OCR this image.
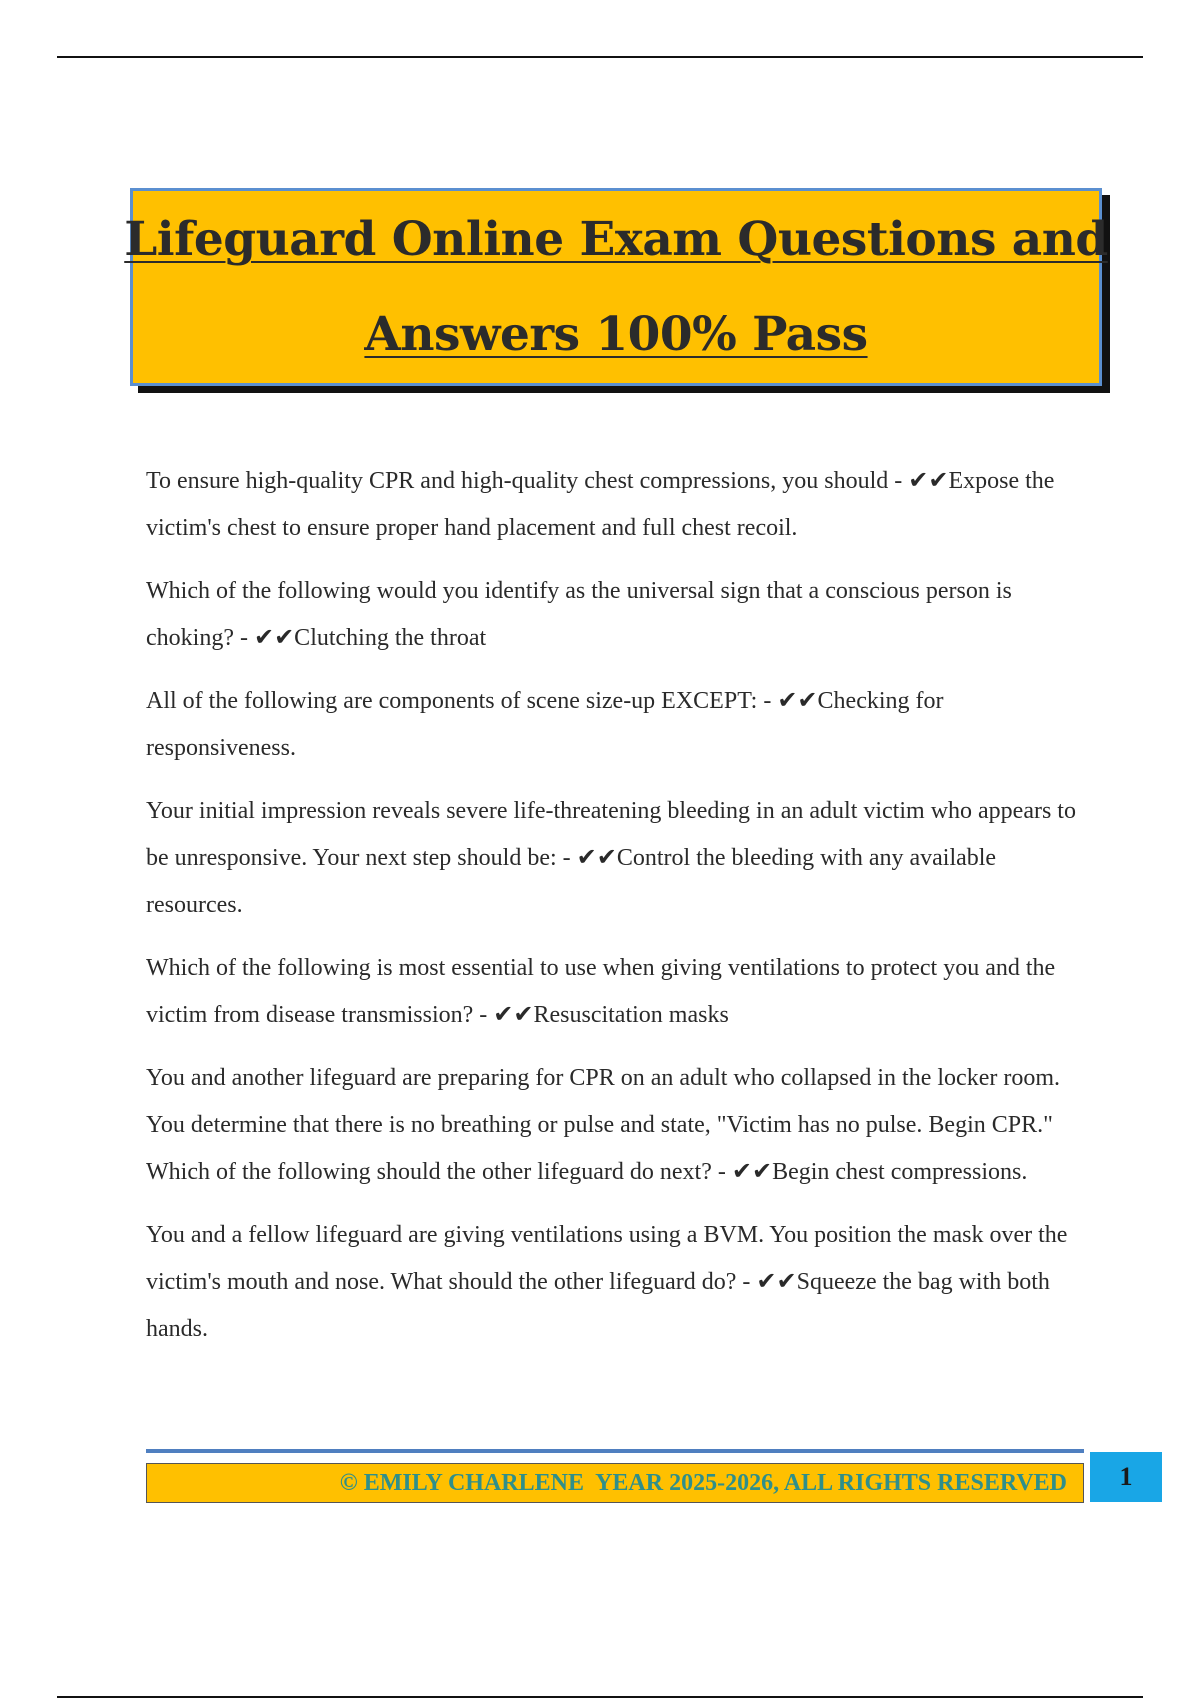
Lifeguard Online Exam Questions and
Answers 100% Pass

To ensure high-quality CPR and high-quality chest compressions, you should - ✔✔Expose the victim's chest to ensure proper hand placement and full chest recoil.

Which of the following would you identify as the universal sign that a conscious person is choking? - ✔✔Clutching the throat

All of the following are components of scene size-up EXCEPT: - ✔✔Checking for responsiveness.

Your initial impression reveals severe life-threatening bleeding in an adult victim who appears to be unresponsive. Your next step should be: - ✔✔Control the bleeding with any available resources.

Which of the following is most essential to use when giving ventilations to protect you and the victim from disease transmission? - ✔✔Resuscitation masks

You and another lifeguard are preparing for CPR on an adult who collapsed in the locker room. You determine that there is no breathing or pulse and state, "Victim has no pulse. Begin CPR." Which of the following should the other lifeguard do next? - ✔✔Begin chest compressions.

You and a fellow lifeguard are giving ventilations using a BVM. You position the mask over the victim's mouth and nose. What should the other lifeguard do? - ✔✔Squeeze the bag with both hands.

© EMILY CHARLENE  YEAR 2025-2026, ALL RIGHTS RESERVED 1
